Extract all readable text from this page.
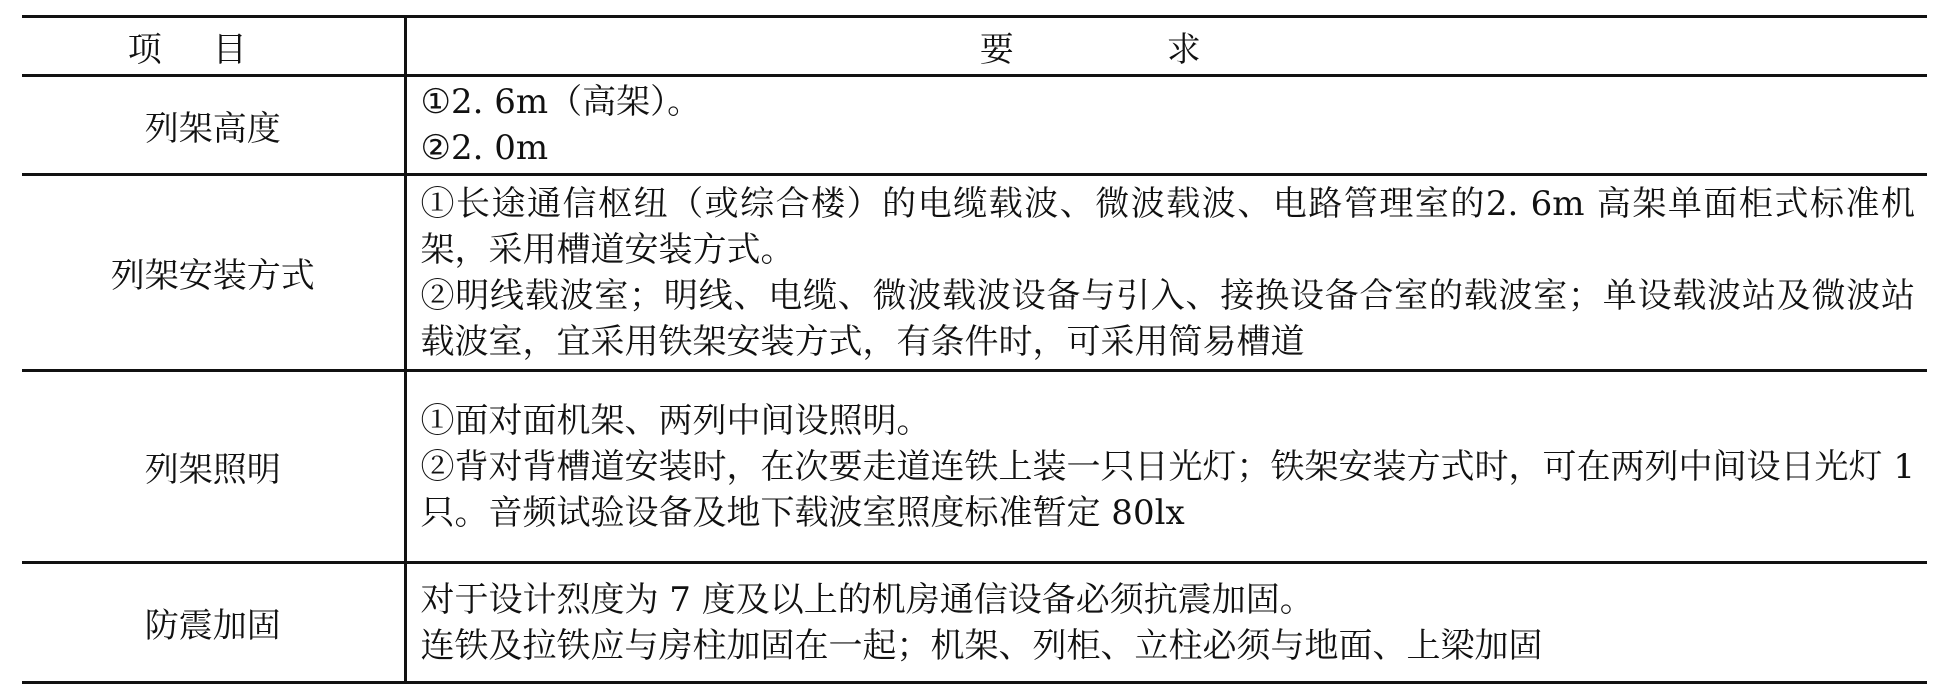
项目	要求
列架高度	①2. 6m（高架）。
②2. 0m

列架安装方式	①长途通信枢纽（或综合楼）的电缆载波、微波载波、电路管理室的2. 6m 高架单面柜式标准机架，采用槽道安装方式。
②明线载波室；明线、电缆、微波载波设备与引入、接换设备合室的载波室；单设载波站及微波站载波室，宜采用铁架安装方式，有条件时，可采用简易槽道

列架照明	①面对面机架、两列中间设照明。
②背对背槽道安装时，在次要走道连铁上装一只日光灯；铁架安装方式时，可在两列中间设日光灯 1 只。音频试验设备及地下载波室照度标准暂定 80lx

防震加固	对于设计烈度为 7 度及以上的机房通信设备必须抗震加固。
连铁及拉铁应与房柱加固在一起；机架、列柜、立柱必须与地面、上梁加固
